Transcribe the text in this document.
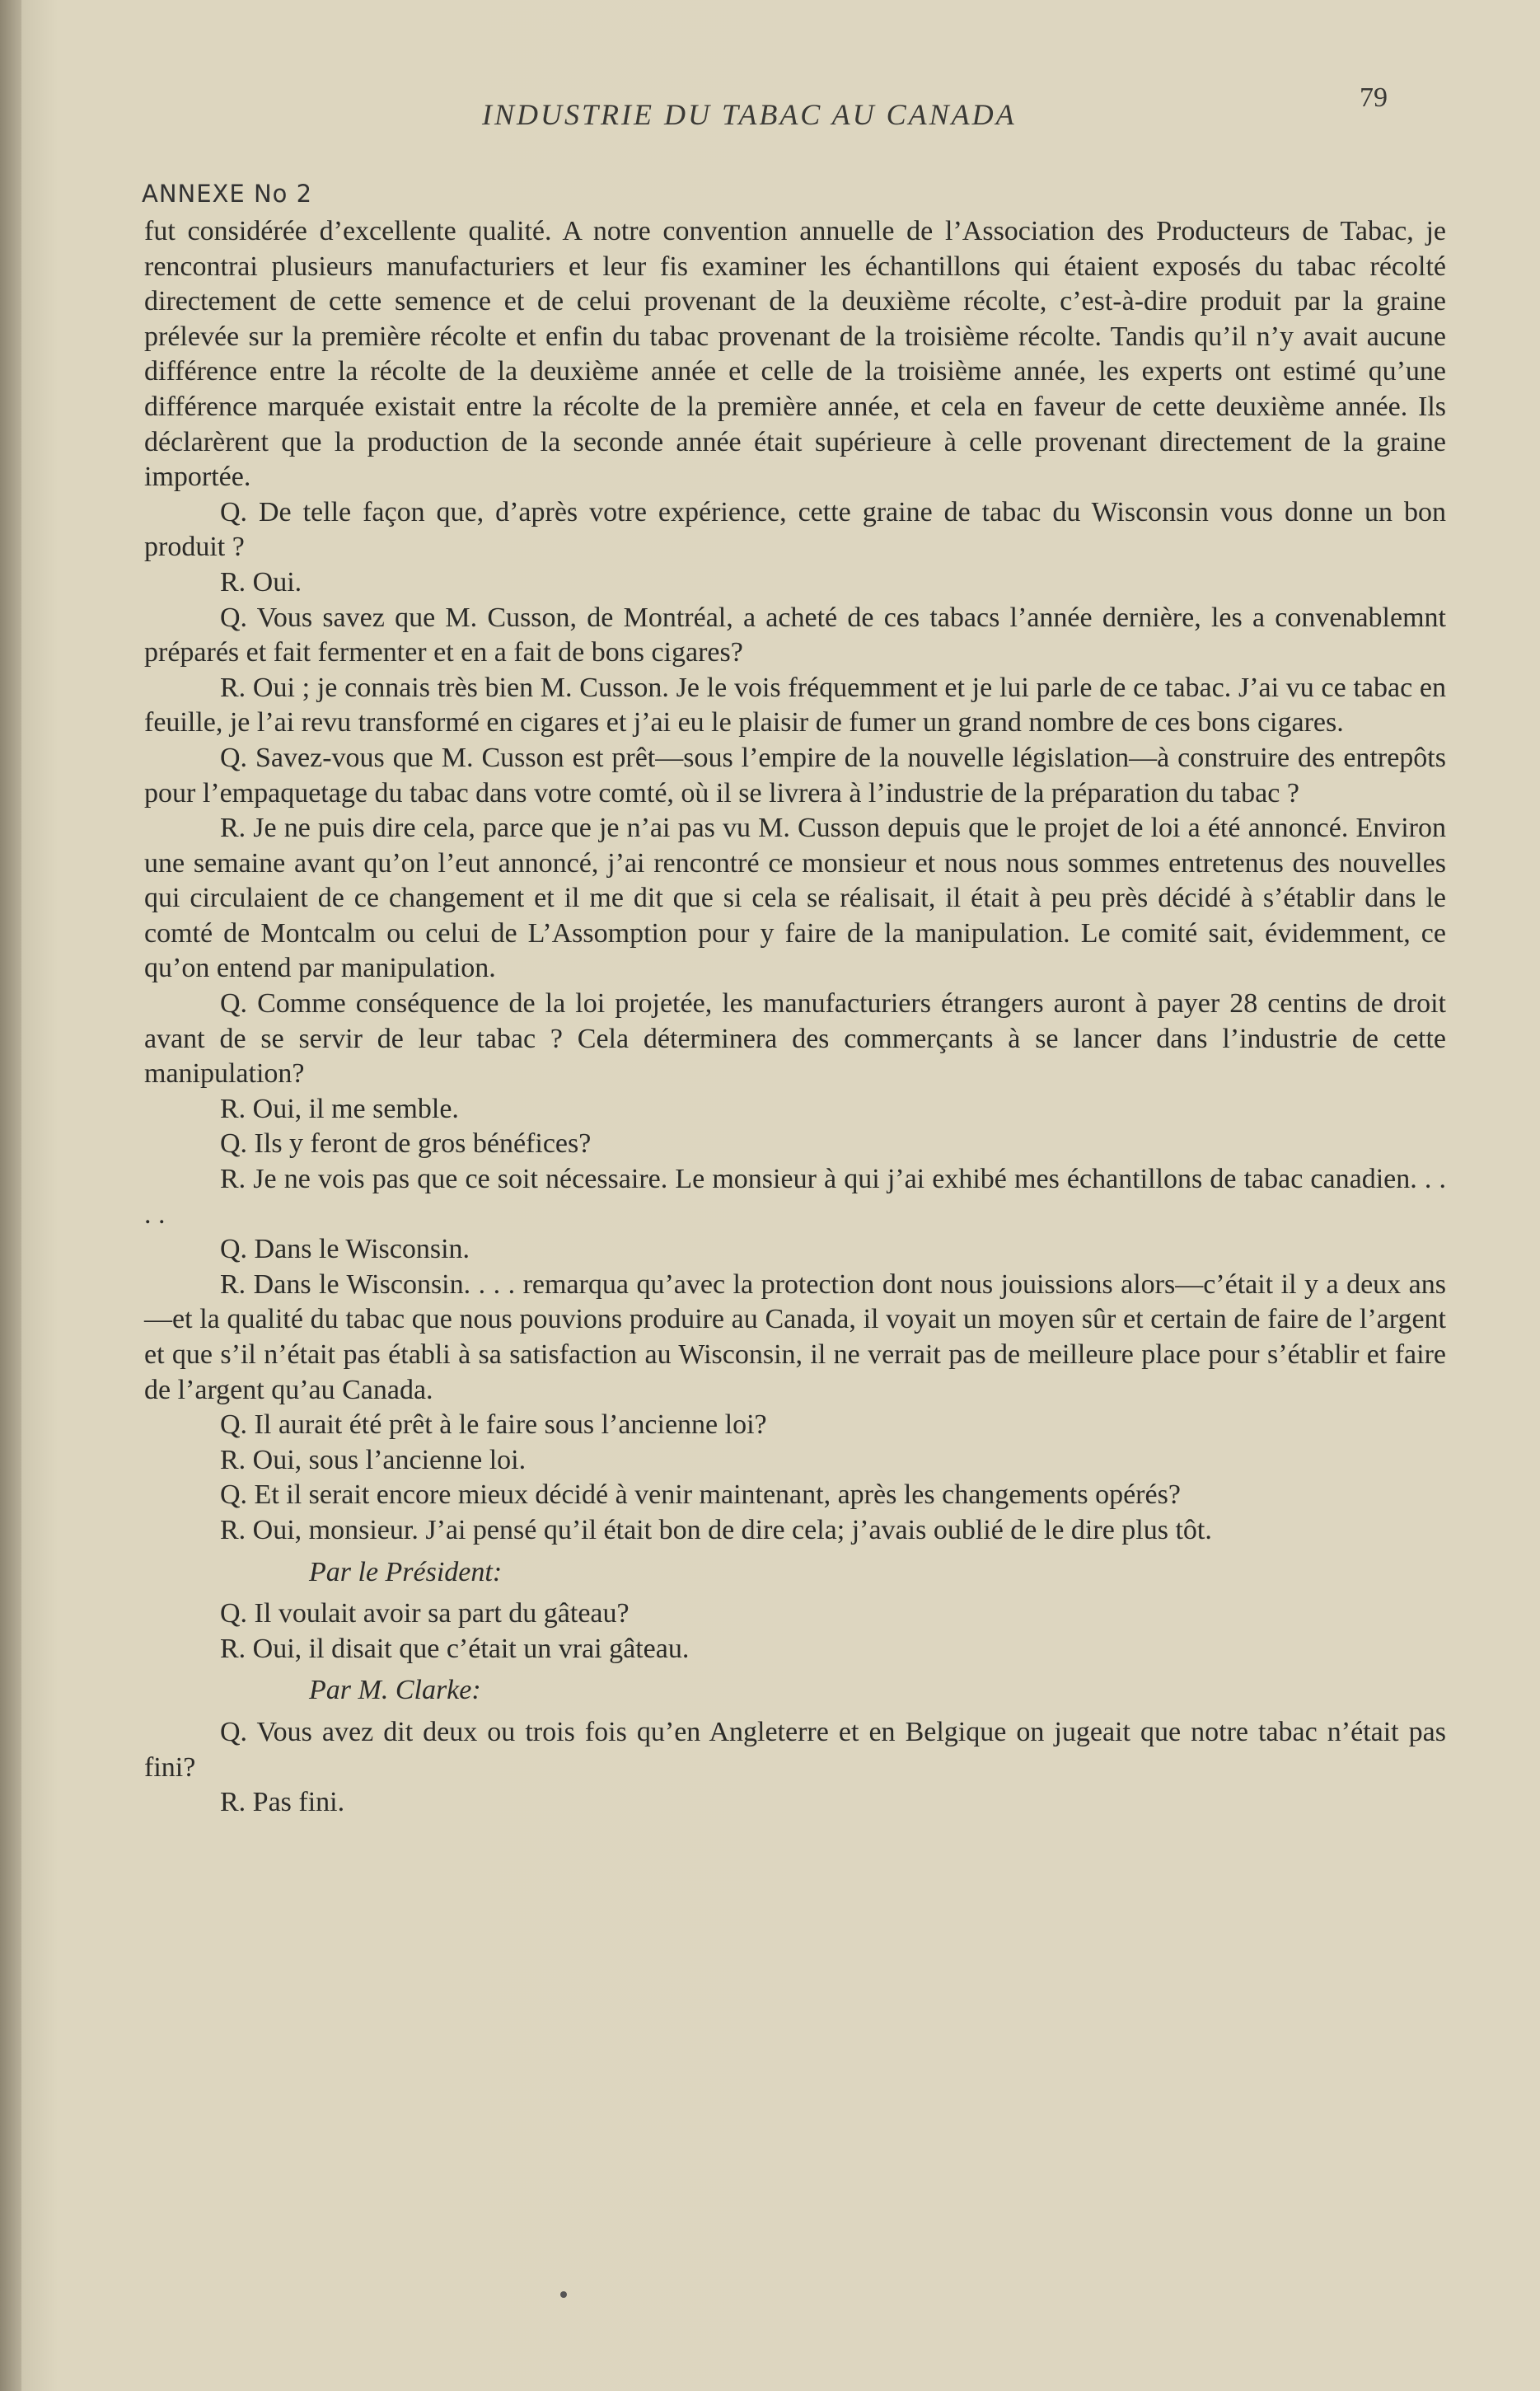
INDUSTRIE DU TABAC AU CANADA
79
ANNEXE No 2

fut considérée d’excellente qualité. A notre convention annuelle de l’Association des Producteurs de Tabac, je rencontrai plusieurs manufacturiers et leur fis examiner les échantillons qui étaient exposés du tabac récolté directement de cette semence et de celui provenant de la deuxième récolte, c’est-à-dire produit par la graine prélevée sur la première récolte et enfin du tabac provenant de la troisième récolte. Tandis qu’il n’y avait aucune différence entre la récolte de la deuxième année et celle de la troisième année, les experts ont estimé qu’une différence marquée existait entre la récolte de la première année, et cela en faveur de cette deuxième année. Ils déclarèrent que la production de la seconde année était supérieure à celle provenant directement de la graine importée.

Q. De telle façon que, d’après votre expérience, cette graine de tabac du Wisconsin vous donne un bon produit ?

R. Oui.

Q. Vous savez que M. Cusson, de Montréal, a acheté de ces tabacs l’année dernière, les a convenablemnt préparés et fait fermenter et en a fait de bons cigares?

R. Oui ; je connais très bien M. Cusson. Je le vois fréquemment et je lui parle de ce tabac. J’ai vu ce tabac en feuille, je l’ai revu transformé en cigares et j’ai eu le plaisir de fumer un grand nombre de ces bons cigares.

Q. Savez-vous que M. Cusson est prêt—sous l’empire de la nouvelle législation—à construire des entrepôts pour l’empaquetage du tabac dans votre comté, où il se livrera à l’industrie de la préparation du tabac ?

R. Je ne puis dire cela, parce que je n’ai pas vu M. Cusson depuis que le projet de loi a été annoncé. Environ une semaine avant qu’on l’eut annoncé, j’ai rencontré ce monsieur et nous nous sommes entretenus des nouvelles qui circulaient de ce changement et il me dit que si cela se réalisait, il était à peu près décidé à s’établir dans le comté de Montcalm ou celui de L’Assomption pour y faire de la manipulation. Le comité sait, évidemment, ce qu’on entend par manipulation.

Q. Comme conséquence de la loi projetée, les manufacturiers étrangers auront à payer 28 centins de droit avant de se servir de leur tabac ? Cela déterminera des commerçants à se lancer dans l’industrie de cette manipulation?

R. Oui, il me semble.

Q. Ils y feront de gros bénéfices?

R. Je ne vois pas que ce soit nécessaire. Le monsieur à qui j’ai exhibé mes échantillons de tabac canadien. . . . .

Q. Dans le Wisconsin.

R. Dans le Wisconsin. . . . remarqua qu’avec la protection dont nous jouissions alors—c’était il y a deux ans—et la qualité du tabac que nous pouvions produire au Canada, il voyait un moyen sûr et certain de faire de l’argent et que s’il n’était pas établi à sa satisfaction au Wisconsin, il ne verrait pas de meilleure place pour s’établir et faire de l’argent qu’au Canada.

Q. Il aurait été prêt à le faire sous l’ancienne loi?

R. Oui, sous l’ancienne loi.

Q. Et il serait encore mieux décidé à venir maintenant, après les changements opérés?

R. Oui, monsieur. J’ai pensé qu’il était bon de dire cela; j’avais oublié de le dire plus tôt.

Par le Président:

Q. Il voulait avoir sa part du gâteau?

R. Oui, il disait que c’était un vrai gâteau.

Par M. Clarke:

Q. Vous avez dit deux ou trois fois qu’en Angleterre et en Belgique on jugeait que notre tabac n’était pas fini?

R. Pas fini.
